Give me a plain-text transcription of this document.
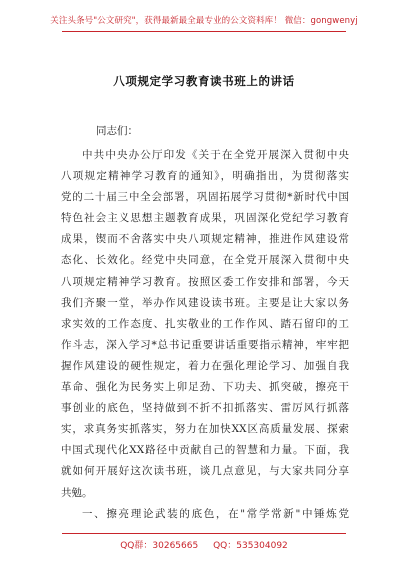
关注头条号"公文研究"，获得最新最全最专业的公文资料库！ 微信：gongwenyj
八项规定学习教育读书班上的讲话
同志们：
中共中央办公厅印发《关于在全党开展深入贯彻中央
八项规定精神学习教育的通知》，明确指出，为贯彻落实
党的二十届三中全会部署，巩固拓展学习贯彻*新时代中国
特色社会主义思想主题教育成果，巩固深化党纪学习教育
成果，锲而不舍落实中央八项规定精神，推进作风建设常
态化、长效化。经党中央同意，在全党开展深入贯彻中央
八项规定精神学习教育。按照区委工作安排和部署，今天
我们齐聚一堂，举办作风建设读书班。主要是让大家以务
求实效的工作态度、扎实敬业的工作作风、踏石留印的工
作斗志，深入学习*总书记重要讲话重要指示精神，牢牢把
握作风建设的硬性规定，着力在强化理论学习、加强自我
革命、强化为民务实上卯足劲、下功夫、抓突破，擦亮干
事创业的底色，坚持做到不折不扣抓落实、雷厉风行抓落
实，求真务实抓落实，努力在加快XX区高质量发展、探索
中国式现代化XX路径中贡献自己的智慧和力量。下面，我
就如何开展好这次读书班，谈几点意见，与大家共同分享
共勉。
一、擦亮理论武装的底色，在"常学常新"中锤炼党
QQ群：30265665 QQ：535304092
